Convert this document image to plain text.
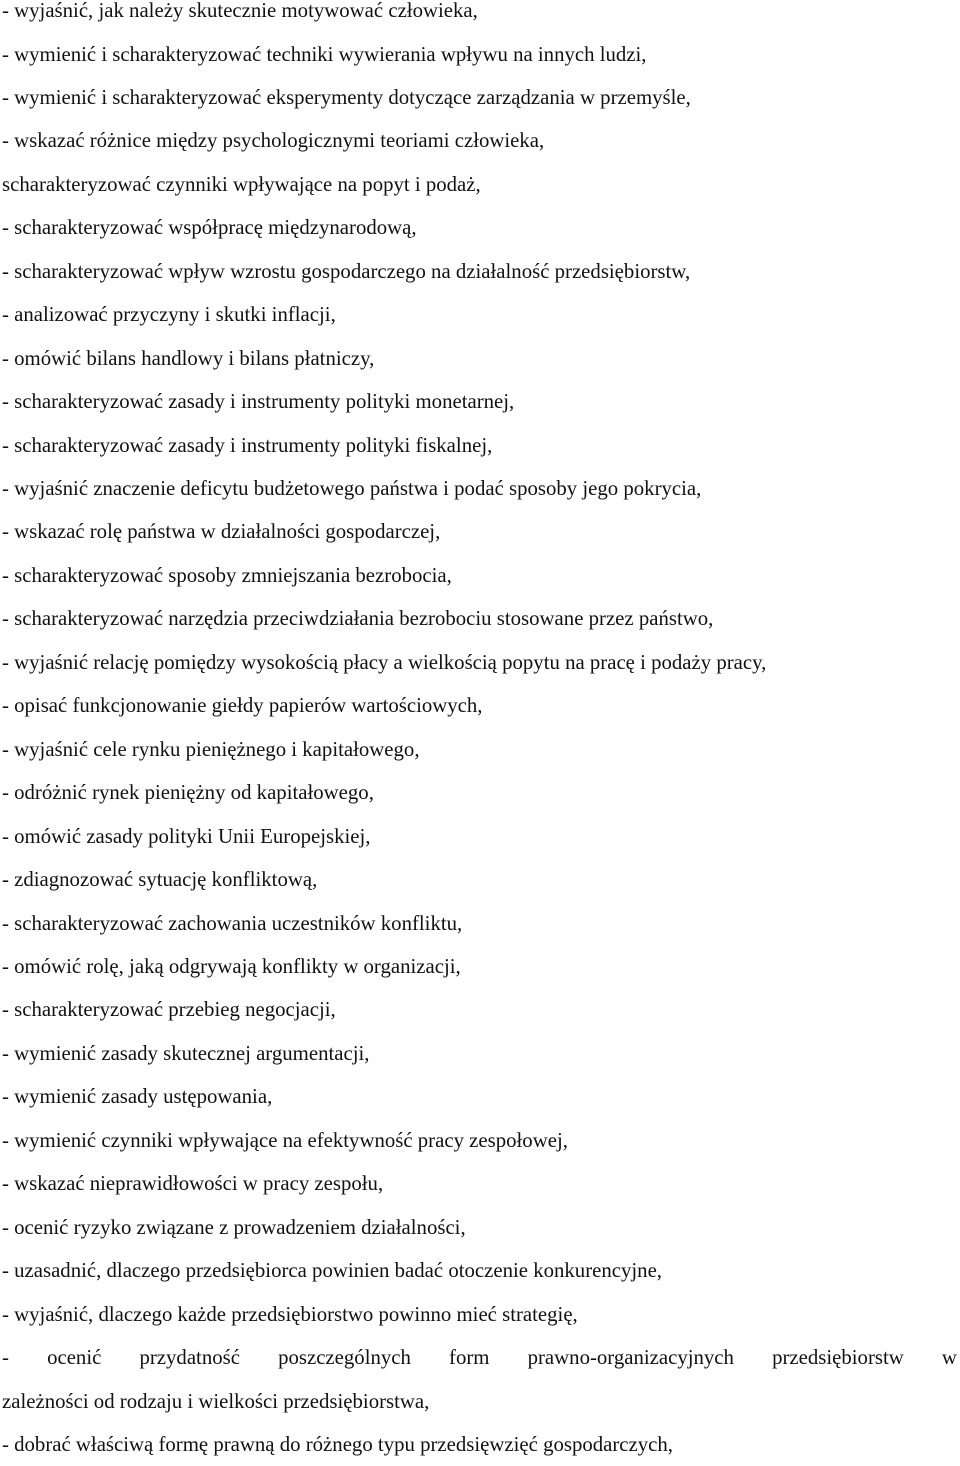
- wyjaśnić, jak należy skutecznie motywować człowieka,
- wymienić i scharakteryzować techniki wywierania wpływu na innych ludzi,
- wymienić i scharakteryzować eksperymenty dotyczące zarządzania w przemyśle,
- wskazać różnice między psychologicznymi teoriami człowieka,
scharakteryzować czynniki wpływające na popyt i podaż,
- scharakteryzować współpracę międzynarodową,
- scharakteryzować wpływ wzrostu gospodarczego na działalność przedsiębiorstw,
- analizować przyczyny i skutki inflacji,
- omówić bilans handlowy i bilans płatniczy,
- scharakteryzować zasady i instrumenty polityki monetarnej,
- scharakteryzować zasady i instrumenty polityki fiskalnej,
- wyjaśnić znaczenie deficytu budżetowego państwa i podać sposoby jego pokrycia,
- wskazać rolę państwa w działalności gospodarczej,
- scharakteryzować sposoby zmniejszania bezrobocia,
- scharakteryzować narzędzia przeciwdziałania bezrobociu stosowane przez państwo,
- wyjaśnić relację pomiędzy wysokością płacy a wielkością popytu na pracę i podaży pracy,
- opisać funkcjonowanie giełdy papierów wartościowych,
- wyjaśnić cele rynku pieniężnego i kapitałowego,
- odróżnić rynek pieniężny od kapitałowego,
- omówić zasady polityki Unii Europejskiej,
- zdiagnozować sytuację konfliktową,
- scharakteryzować zachowania uczestników konfliktu,
- omówić rolę, jaką odgrywają konflikty w organizacji,
- scharakteryzować przebieg negocjacji,
- wymienić zasady skutecznej argumentacji,
- wymienić zasady ustępowania,
- wymienić czynniki wpływające na efektywność pracy zespołowej,
- wskazać nieprawidłowości w pracy zespołu,
- ocenić ryzyko związane z prowadzeniem działalności,
- uzasadnić, dlaczego przedsiębiorca powinien badać otoczenie konkurencyjne,
- wyjaśnić, dlaczego każde przedsiębiorstwo powinno mieć strategię,
- ocenić przydatność poszczególnych form prawno-organizacyjnych przedsiębiorstw w
zależności od rodzaju i wielkości przedsiębiorstwa,
- dobrać właściwą formę prawną do różnego typu przedsięwzięć gospodarczych,
